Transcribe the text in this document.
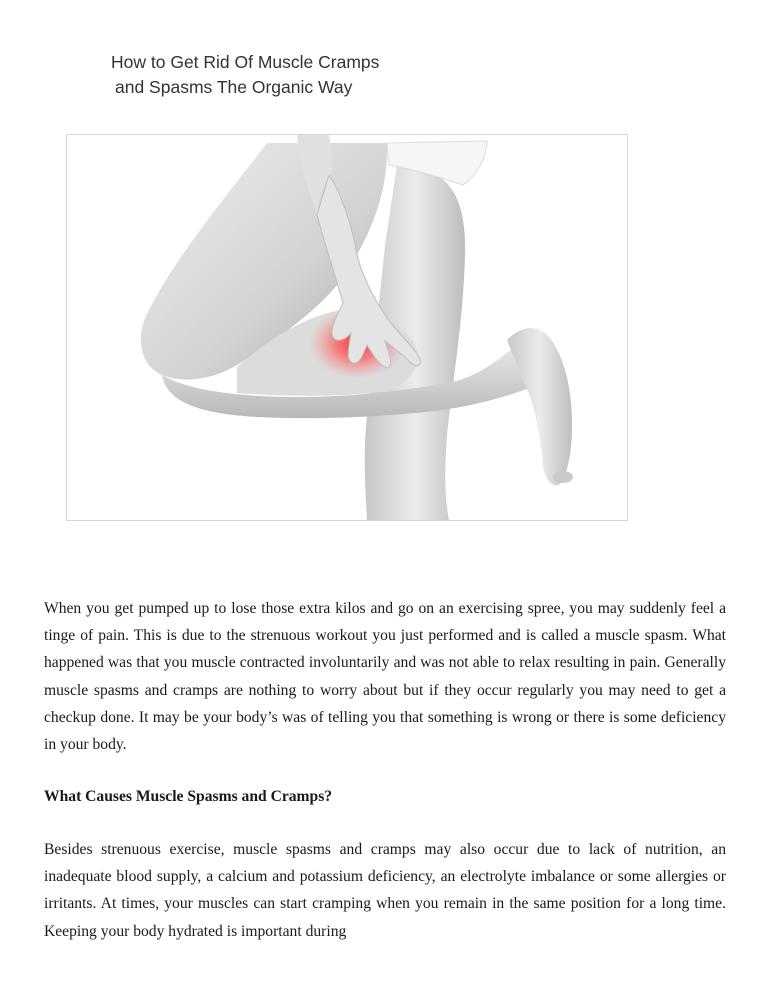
How to Get Rid Of Muscle Cramps
and Spasms The Organic Way

When you get pumped up to lose those extra kilos and go on an exercising spree, you may suddenly feel a tinge of pain. This is due to the strenuous workout you just performed and is called a muscle spasm. What happened was that you muscle contracted involuntarily and was not able to relax resulting in pain. Generally muscle spasms and cramps are nothing to worry about but if they occur regularly you may need to get a checkup done. It may be your body’s was of telling you that something is wrong or there is some deficiency in your body.

What Causes Muscle Spasms and Cramps?

Besides strenuous exercise, muscle spasms and cramps may also occur due to lack of nutrition, an inadequate blood supply, a calcium and potassium deficiency, an electrolyte imbalance or some allergies or irritants. At times, your muscles can start cramping when you remain in the same position for a long time. Keeping your body hydrated is important during
